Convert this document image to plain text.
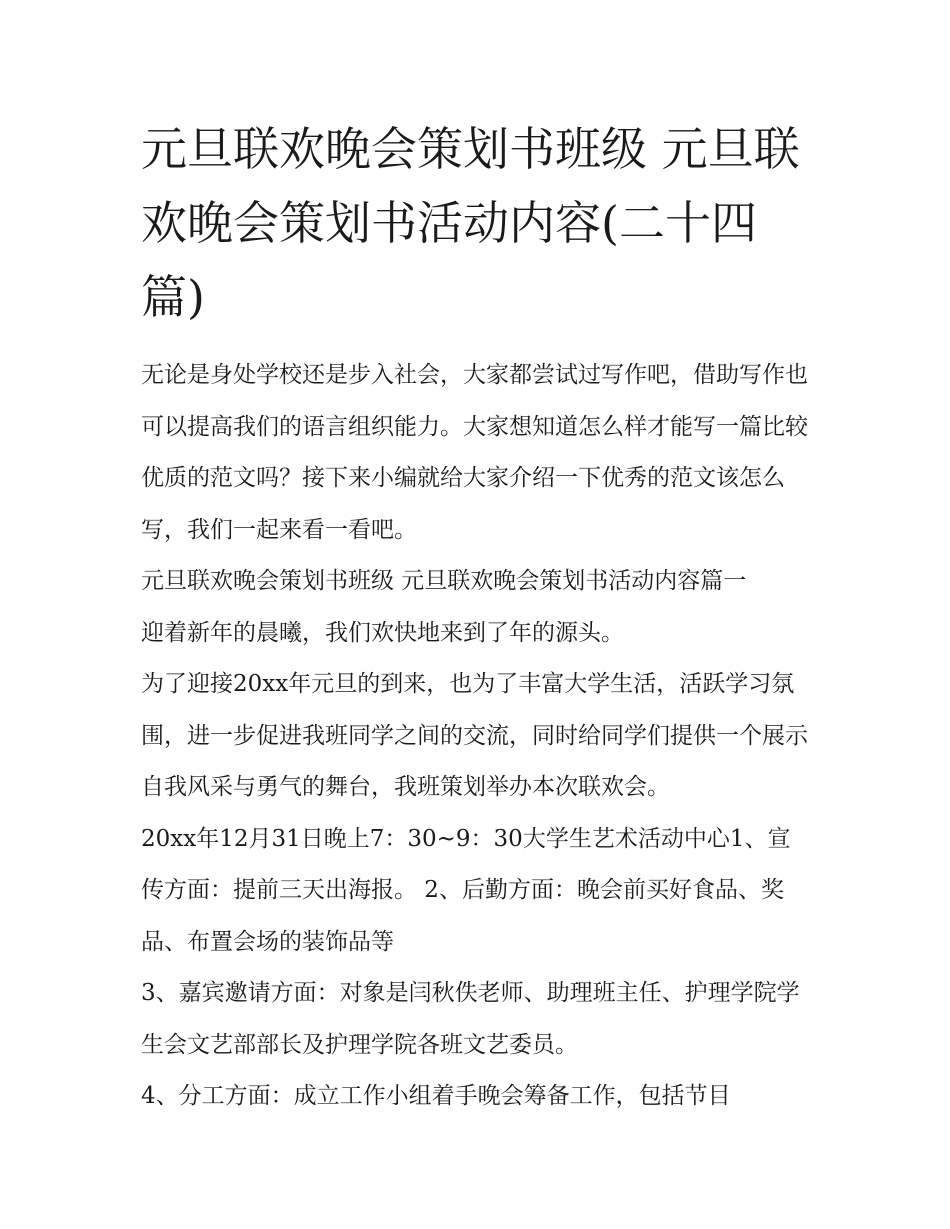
元旦联欢晚会策划书班级 元旦联欢晚会策划书活动内容(二十四篇)

无论是身处学校还是步入社会，大家都尝试过写作吧，借助写作也可以提高我们的语言组织能力。大家想知道怎么样才能写一篇比较优质的范文吗？接下来小编就给大家介绍一下优秀的范文该怎么写，我们一起来看一看吧。

元旦联欢晚会策划书班级 元旦联欢晚会策划书活动内容篇一

迎着新年的晨曦，我们欢快地来到了年的源头。

为了迎接20xx年元旦的到来，也为了丰富大学生活，活跃学习氛围，进一步促进我班同学之间的交流，同时给同学们提供一个展示自我风采与勇气的舞台，我班策划举办本次联欢会。

20xx年12月31日晚上7：30~9：30大学生艺术活动中心1、宣传方面：提前三天出海报。 2、后勤方面：晚会前买好食品、奖品、布置会场的装饰品等

3、嘉宾邀请方面：对象是闫秋佚老师、助理班主任、护理学院学生会文艺部部长及护理学院各班文艺委员。

4、分工方面：成立工作小组着手晚会筹备工作，包括节目
